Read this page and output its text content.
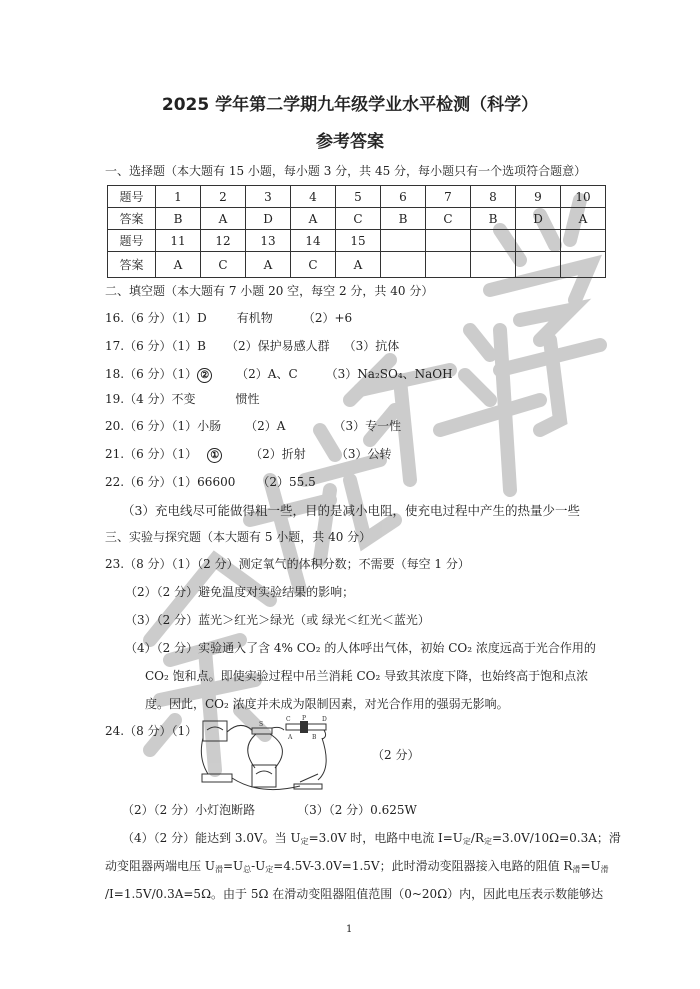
2025 学年第二学期九年级学业水平检测（科学）
参考答案
一、选择题（本大题有 15 小题，每小题 3 分，共 45 分，每小题只有一个选项符合题意）
题号	1	2	3	4	5	6	7	8	9	10
答案	B	A	D	A	C	B	C	B	D	A
题号	11	12	13	14	15					
答案	A	C	A	C	A					
二、填空题（本大题有 7 小题 20 空，每空 2 分，共 40 分）
16.（6 分）（1）D	有机物	（2）+6
17.（6 分）（1）B （2）保护易感人群 （3）抗体
18.（6 分）（1） ② （2）A、C （3）Na₂SO₄、NaOH
19.（4 分）不变	惯性
20.（6 分）（1）小肠 （2）A	（3）专一性
21.（6 分）（1） ①	（2）折射	（3）公转
22.（6 分）（1）66600 （2）55.5
（3）充电线尽可能做得粗一些，目的是减小电阻，使充电过程中产生的热量少一些
三、实验与探究题（本大题有 5 小题，共 40 分）
23.（8 分）（1）（2 分）测定氧气的体积分数；不需要（每空 1 分）
（2）（2 分）避免温度对实验结果的影响；
（3）（2 分）蓝光＞红光＞绿光（或 绿光＜红光＜蓝光）
（4）（2 分）实验通入了含 4% CO₂ 的人体呼出气体，初始 CO₂ 浓度远高于光合作用的
CO₂ 饱和点。即使实验过程中吊兰消耗 CO₂ 导致其浓度下降，也始终高于饱和点浓
度。因此，CO₂ 浓度并未成为限制因素，对光合作用的强弱无影响。
24.（8 分）（1）	S
C P	D
A	B
（2 分）
（2）（2 分）小灯泡断路	（3）（2 分）0.625W
（4）（2 分）能达到 3.0V。当 $U_定=3.0V$ 时，电路中电流 $I=U_定/R_定=3.0V/10\Omega=0.3A$；滑
动变阻器两端电压 $U_滑=U_总-U_定=4.5V-3.0V=1.5V$；此时滑动变阻器接入电路的阻值 $R_滑=U_滑$
/I=1.5V/0.3A=5Ω。由于 5Ω 在滑动变阻器阻值范围（0~20Ω）内，因此电压表示数能够达
1
